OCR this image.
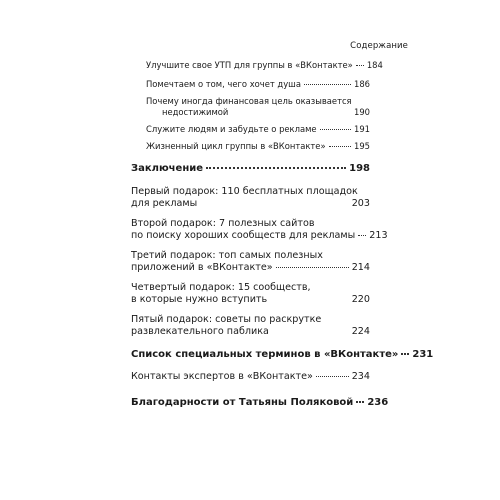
Содержание
Улучшите свое УТП для группы в «ВКонтакте» 184
Помечтаем о том, чего хочет душа	186
Почему иногда финансовая цель оказывается
недостижимой	190
Служите людям и забудьте о рекламе	191
Жизненный цикл группы в «ВКонтакте»	195
Заключение	198
Первый подарок: 110 бесплатных площадок
для рекламы	203
Второй подарок: 7 полезных сайтов
по поиску хороших сообществ для рекламы 213
Третий подарок: топ самых полезных
приложений в «ВКонтакте»	214
Четвертый подарок: 15 сообществ,
в которые нужно вступить	220
Пятый подарок: советы по раскрутке
развлекательного паблика	224
Список специальных терминов в «ВКонтакте» 231
Контакты экспертов в «ВКонтакте»	234
Благодарности от Татьяны Поляковой 236
